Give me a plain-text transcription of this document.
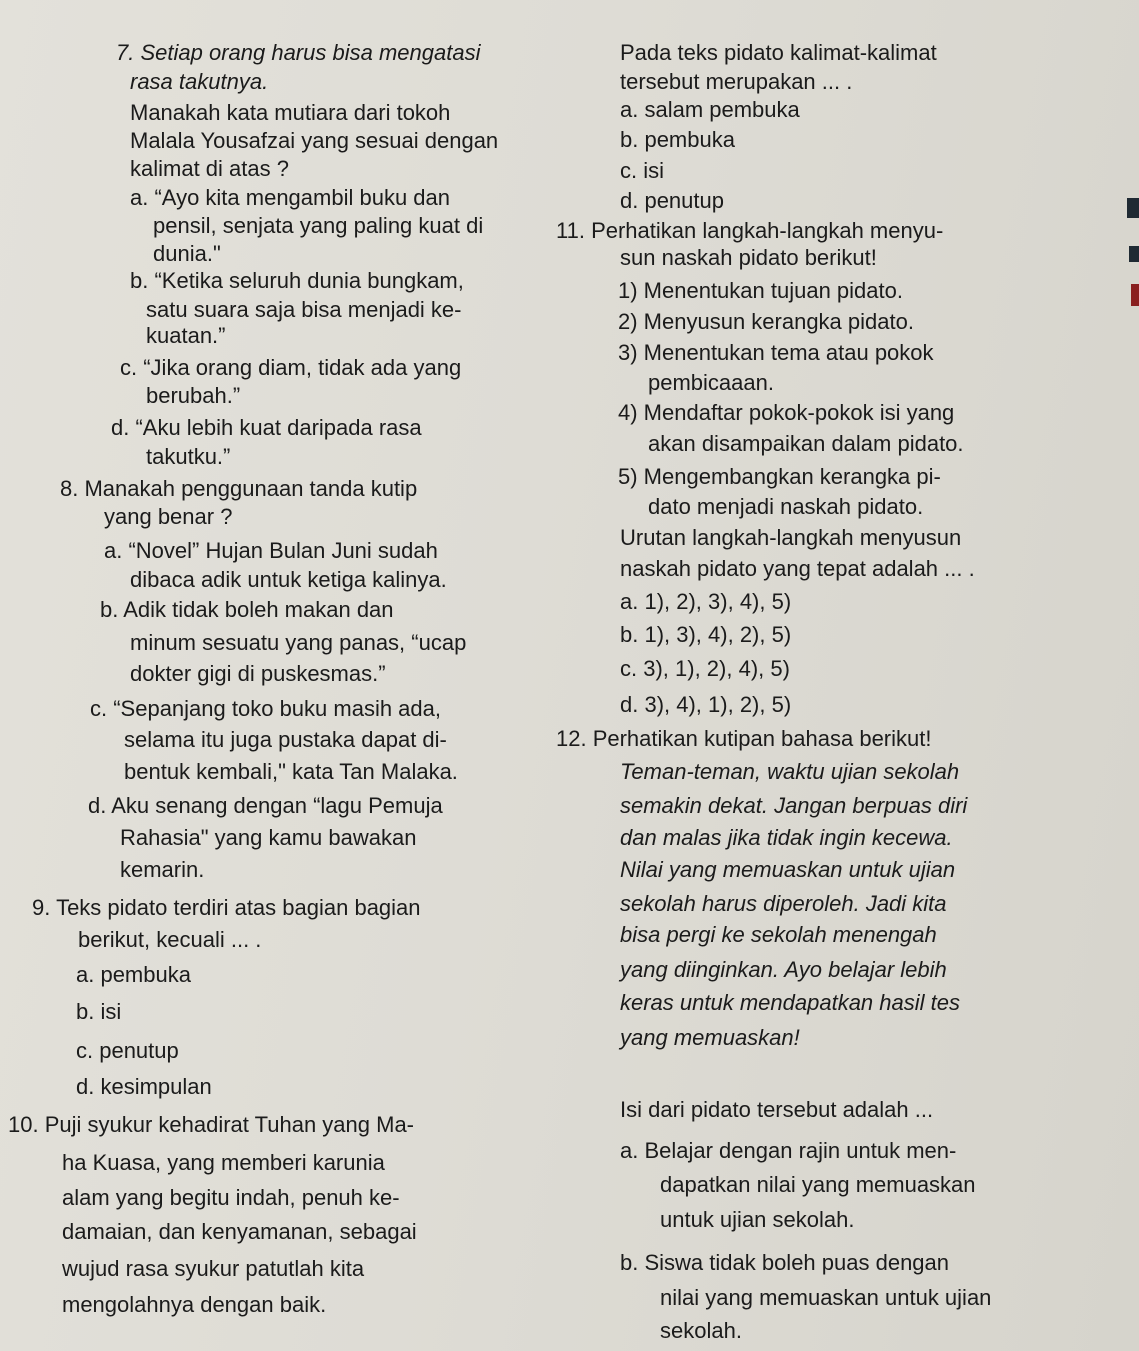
7. Setiap orang harus bisa mengatasi
rasa takutnya.
Manakah kata mutiara dari tokoh
Malala Yousafzai yang sesuai dengan
kalimat di atas ?
a. “Ayo kita mengambil buku dan
pensil, senjata yang paling kuat di
dunia."
b. “Ketika seluruh dunia bungkam,
satu suara saja bisa menjadi ke-
kuatan.”
c. “Jika orang diam, tidak ada yang
berubah.”
d. “Aku lebih kuat daripada rasa
takutku.”
8. Manakah penggunaan tanda kutip
yang benar ?
a. “Novel” Hujan Bulan Juni sudah
dibaca adik untuk ketiga kalinya.
b. Adik tidak boleh makan dan
minum sesuatu yang panas, “ucap
dokter gigi di puskesmas.”
c. “Sepanjang toko buku masih ada,
selama itu juga pustaka dapat di-
bentuk kembali," kata Tan Malaka.
d. Aku senang dengan “lagu Pemuja
Rahasia" yang kamu bawakan
kemarin.
9. Teks pidato terdiri atas bagian bagian
berikut, kecuali ... .
a. pembuka
b. isi
c. penutup
d. kesimpulan
10. Puji syukur kehadirat Tuhan yang Ma-
ha Kuasa, yang memberi karunia
alam yang begitu indah, penuh ke-
damaian, dan kenyamanan, sebagai
wujud rasa syukur patutlah kita
mengolahnya dengan baik.
Pada teks pidato kalimat-kalimat
tersebut merupakan ... .
a. salam pembuka
b. pembuka
c. isi
d. penutup
11. Perhatikan langkah-langkah menyu-
sun naskah pidato berikut!
1) Menentukan tujuan pidato.
2) Menyusun kerangka pidato.
3) Menentukan tema atau pokok
pembicaaan.
4) Mendaftar pokok-pokok isi yang
akan disampaikan dalam pidato.
5) Mengembangkan kerangka pi-
dato menjadi naskah pidato.
Urutan langkah-langkah menyusun
naskah pidato yang tepat adalah ... .
a. 1), 2), 3), 4), 5)
b. 1), 3), 4), 2), 5)
c. 3), 1), 2), 4), 5)
d. 3), 4), 1), 2), 5)
12. Perhatikan kutipan bahasa berikut!
Teman-teman, waktu ujian sekolah
semakin dekat. Jangan berpuas diri
dan malas jika tidak ingin kecewa.
Nilai yang memuaskan untuk ujian
sekolah harus diperoleh. Jadi kita
bisa pergi ke sekolah menengah
yang diinginkan. Ayo belajar lebih
keras untuk mendapatkan hasil tes
yang memuaskan!
Isi dari pidato tersebut adalah ...
a. Belajar dengan rajin untuk men-
dapatkan nilai yang memuaskan
untuk ujian sekolah.
b. Siswa tidak boleh puas dengan
nilai yang memuaskan untuk ujian
sekolah.
